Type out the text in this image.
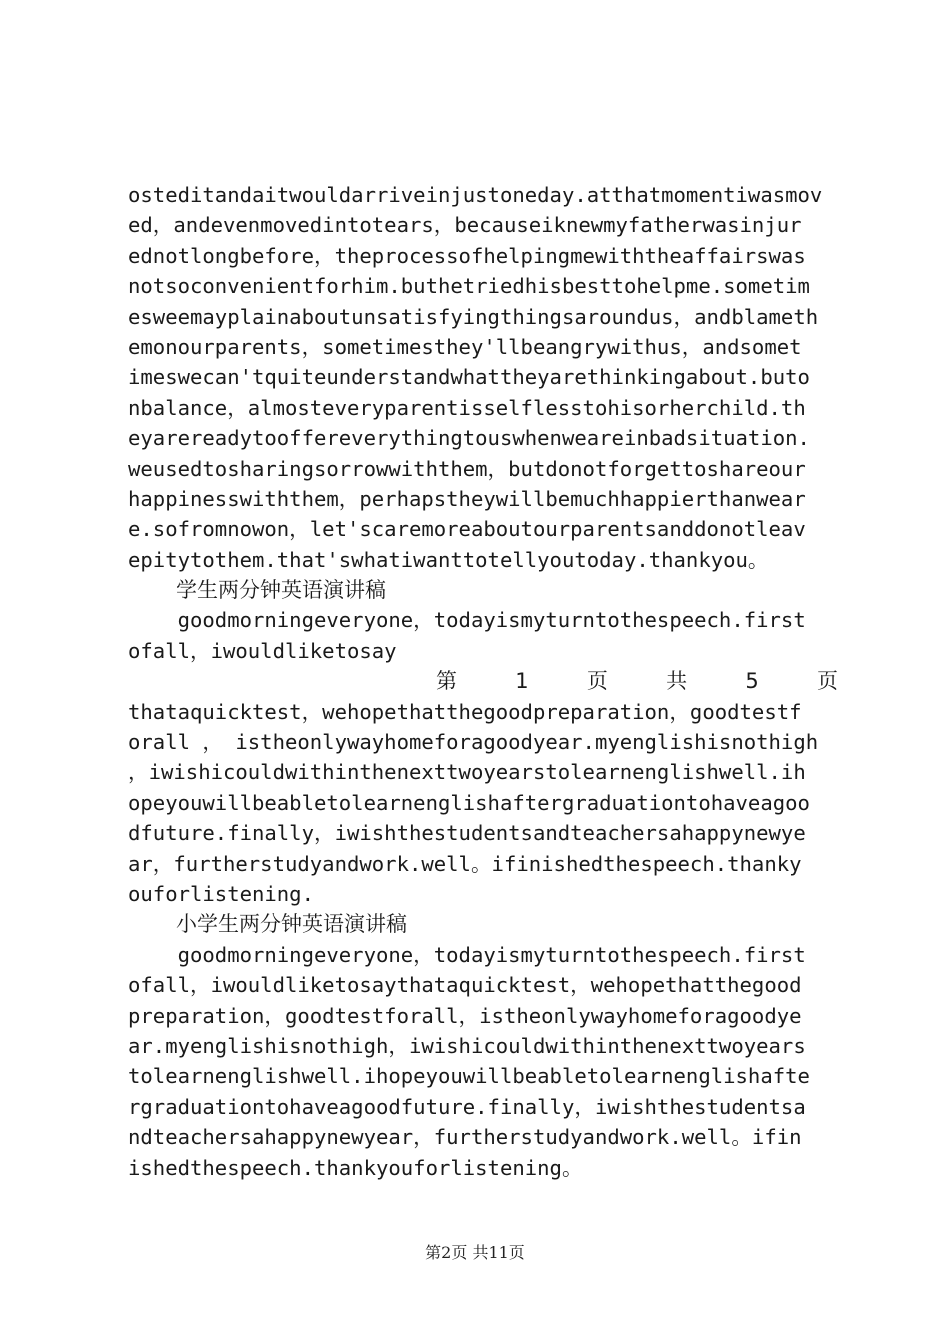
osteditandaitwouldarriveinjustoneday.atthatmomentiwasmov
ed，andevenmovedintotears，becauseiknewmyfatherwasinjur
ednotlongbefore，theprocessofhelpingmewiththeaffairswas
notsoconvenientforhim.buthetriedhisbesttohelpme.sometim
esweemayplainaboutunsatisfyingthingsaroundus，andblameth
emonourparents，sometimesthey'llbeangrywithus，andsomet
imeswecan'tquiteunderstandwhattheyarethinkingabout.buto
nbalance，almosteveryparentisselflesstohisorherchild.th
eyarereadytooffereverythingtouswhenweareinbadsituation.
weusedtosharingsorrowwiththem，butdonotforgettoshareour
happinesswiththem，perhapstheywillbemuchhappierthanwear
e.sofromnowon，let'scaremoreaboutourparentsanddonotleav
epitytothem.that'swhatiwanttotellyoutoday.thankyou。
学生两分钟英语演讲稿
goodmorningeveryone，todayismyturntothespeech.first
ofall，iwouldliketosay
第	1	页	共	5	页
thataquicktest，wehopethatthegoodpreparation，goodtestf
orall ， istheonlywayhomeforagoodyear.myenglishisnothigh
，iwishicouldwithinthenexttwoyearstolearnenglishwell.ih
opeyouwillbeabletolearnenglishaftergraduationtohaveagoo
dfuture.finally，iwishthestudentsandteachersahappynewye
ar，furtherstudyandwork.well。ifinishedthespeech.thanky
ouforlistening.
小学生两分钟英语演讲稿
goodmorningeveryone，todayismyturntothespeech.first
ofall，iwouldliketosaythataquicktest，wehopethatthegood
preparation，goodtestforall，istheonlywayhomeforagoodye
ar.myenglishisnothigh，iwishicouldwithinthenexttwoyears
tolearnenglishwell.ihopeyouwillbeabletolearnenglishafte
rgraduationtohaveagoodfuture.finally，iwishthestudentsa
ndteachersahappynewyear，furtherstudyandwork.well。ifin
ishedthespeech.thankyouforlistening。
第2页 共11页
